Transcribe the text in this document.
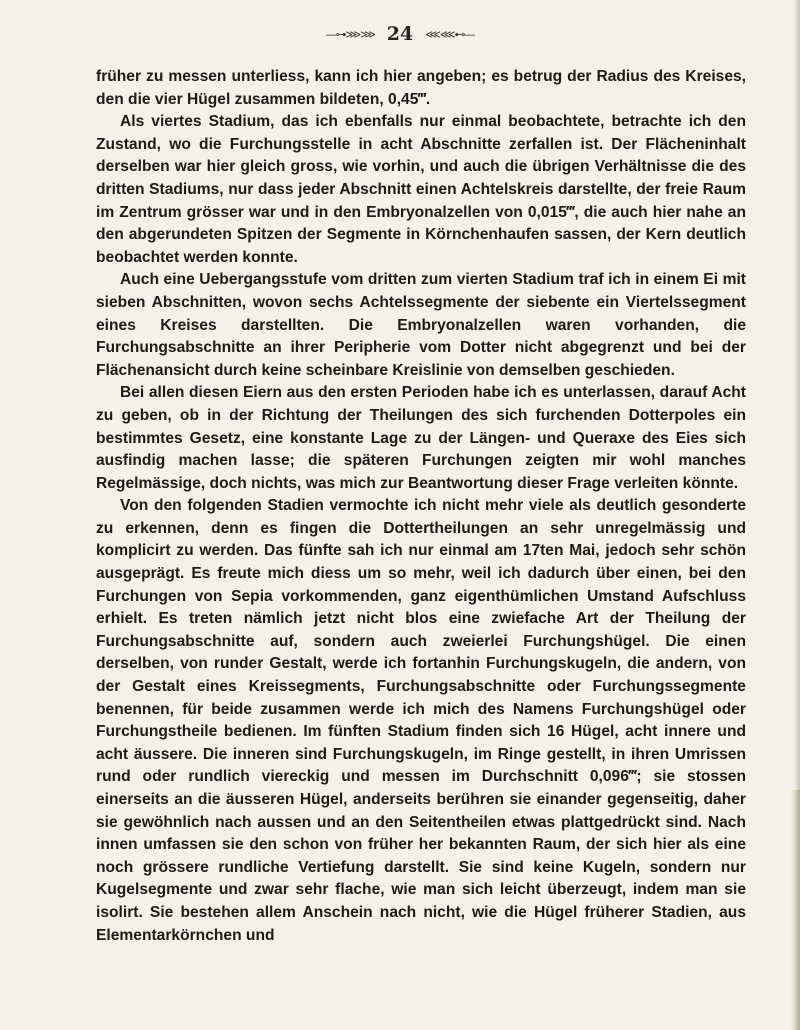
—⊶⋙⋙ 24 ⋘⋘⊷—

früher zu messen unterliess, kann ich hier angeben; es betrug der Radius des Kreises, den die vier Hügel zusammen bildeten, 0,45‴.

Als viertes Stadium, das ich ebenfalls nur einmal beobachtete, betrachte ich den Zustand, wo die Furchungsstelle in acht Abschnitte zerfallen ist. Der Flächeninhalt derselben war hier gleich gross, wie vorhin, und auch die übrigen Verhältnisse die des dritten Stadiums, nur dass jeder Abschnitt einen Achtelskreis darstellte, der freie Raum im Zentrum grösser war und in den Embryonalzellen von 0,015‴, die auch hier nahe an den abgerundeten Spitzen der Segmente in Körnchenhaufen sassen, der Kern deutlich beobachtet werden konnte.

Auch eine Uebergangsstufe vom dritten zum vierten Stadium traf ich in einem Ei mit sieben Abschnitten, wovon sechs Achtelssegmente der siebente ein Viertelssegment eines Kreises darstellten. Die Embryonalzellen waren vorhanden, die Furchungsabschnitte an ihrer Peripherie vom Dotter nicht abgegrenzt und bei der Flächenansicht durch keine scheinbare Kreislinie von demselben geschieden.

Bei allen diesen Eiern aus den ersten Perioden habe ich es unterlassen, darauf Acht zu geben, ob in der Richtung der Theilungen des sich furchenden Dotterpoles ein bestimmtes Gesetz, eine konstante Lage zu der Längen- und Queraxe des Eies sich ausfindig machen lasse; die späteren Furchungen zeigten mir wohl manches Regelmässige, doch nichts, was mich zur Beantwortung dieser Frage verleiten könnte.

Von den folgenden Stadien vermochte ich nicht mehr viele als deutlich gesonderte zu erkennen, denn es fingen die Dottertheilungen an sehr unregelmässig und komplicirt zu werden. Das fünfte sah ich nur einmal am 17ten Mai, jedoch sehr schön ausgeprägt. Es freute mich diess um so mehr, weil ich dadurch über einen, bei den Furchungen von Sepia vorkommenden, ganz eigenthümlichen Umstand Aufschluss erhielt. Es treten nämlich jetzt nicht blos eine zwiefache Art der Theilung der Furchungsabschnitte auf, sondern auch zweierlei Furchungshügel. Die einen derselben, von runder Gestalt, werde ich fortanhin Furchungskugeln, die andern, von der Gestalt eines Kreissegments, Furchungsabschnitte oder Furchungssegmente benennen, für beide zusammen werde ich mich des Namens Furchungshügel oder Furchungstheile bedienen. Im fünften Stadium finden sich 16 Hügel, acht innere und acht äussere. Die inneren sind Furchungskugeln, im Ringe gestellt, in ihren Umrissen rund oder rundlich viereckig und messen im Durchschnitt 0,096‴; sie stossen einerseits an die äusseren Hügel, anderseits berühren sie einander gegenseitig, daher sie gewöhnlich nach aussen und an den Seitentheilen etwas plattgedrückt sind. Nach innen umfassen sie den schon von früher her bekannten Raum, der sich hier als eine noch grössere rundliche Vertiefung darstellt. Sie sind keine Kugeln, sondern nur Kugelsegmente und zwar sehr flache, wie man sich leicht überzeugt, indem man sie isolirt. Sie bestehen allem Anschein nach nicht, wie die Hügel früherer Stadien, aus Elementarkörnchen und
